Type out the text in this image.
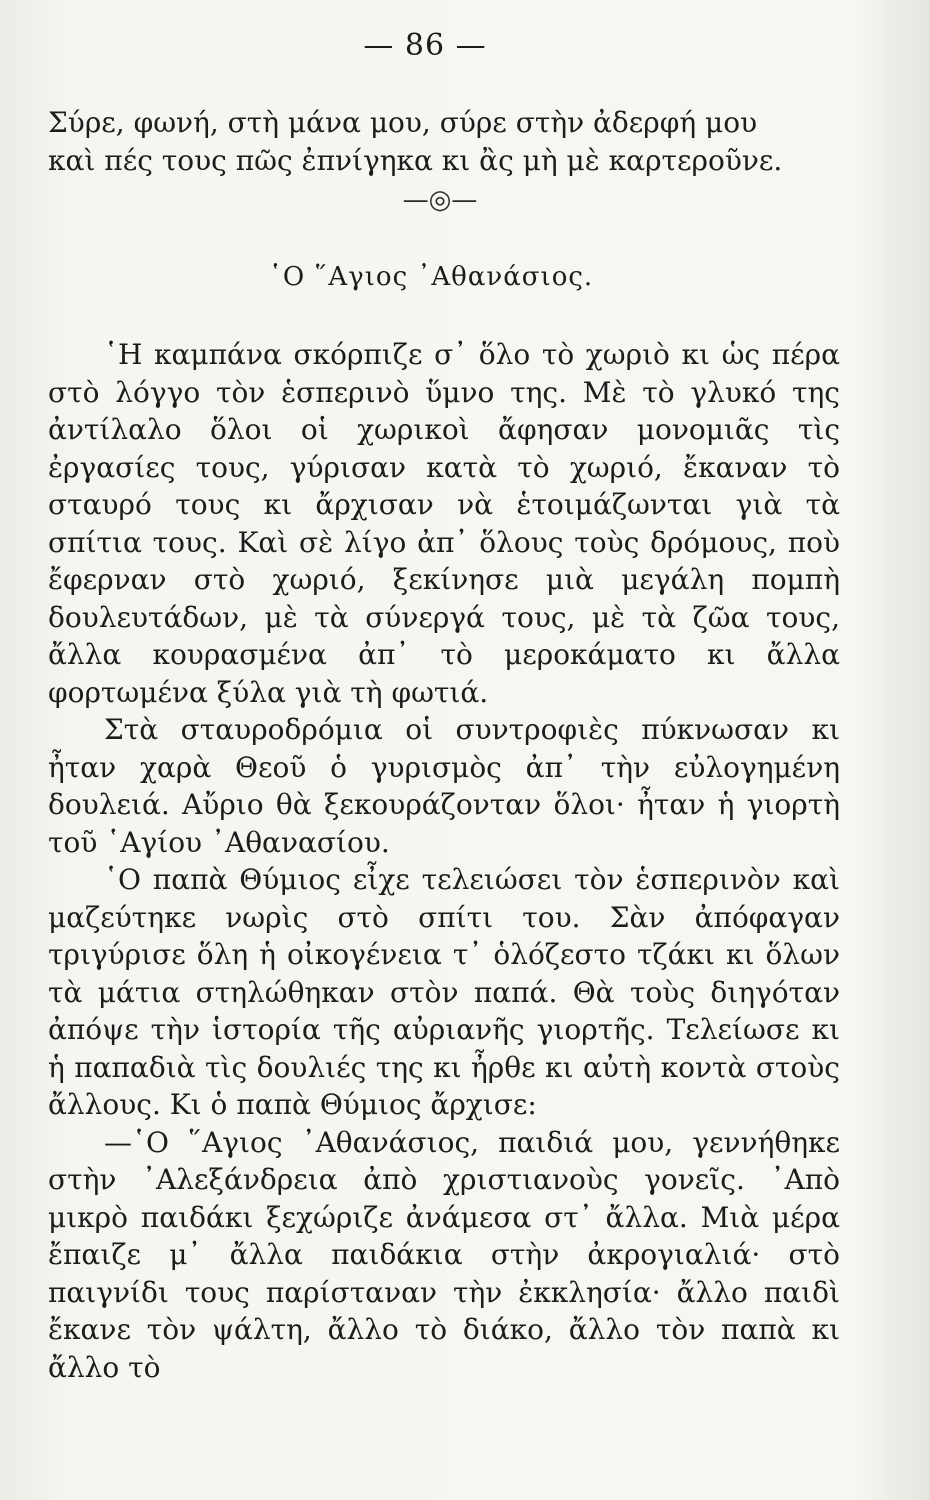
— 86 —
Σύρε, φωνή, στὴ μάνα μου, σύρε στὴν ἀδερφή μου
καὶ πές τους πῶς ἐπνίγηκα κι ἂς μὴ μὲ καρτεροῦνε.
—◎—
῾Ο ῞Αγιος ᾿Αθανάσιος.

῾Η καμπάνα σκόρπιζε σ᾿ ὅλο τὸ χωριὸ κι ὡς πέρα στὸ λόγγο τὸν ἑσπερινὸ ὕμνο της. Μὲ τὸ γλυκό της ἀντίλαλο ὅλοι οἱ χωρικοὶ ἄφησαν μονομιᾶς τὶς ἐργασίες τους, γύρισαν κατὰ τὸ χωριό, ἔκαναν τὸ σταυρό τους κι ἄρχισαν νὰ ἑτοιμάζωνται γιὰ τὰ σπίτια τους. Καὶ σὲ λίγο ἀπ᾿ ὅλους τοὺς δρόμους, ποὺ ἔφερναν στὸ χωριό, ξεκίνησε μιὰ μεγάλη πομπὴ δουλευτάδων, μὲ τὰ σύνεργά τους, μὲ τὰ ζῶα τους, ἄλλα κουρασμένα ἀπ᾿ τὸ μεροκάματο κι ἄλλα φορτωμένα ξύλα γιὰ τὴ φωτιά.

Στὰ σταυροδρόμια οἱ συντροφιὲς πύκνωσαν κι ἦταν χαρὰ Θεοῦ ὁ γυρισμὸς ἀπ᾿ τὴν εὐλογημένη δουλειά. Αὔριο θὰ ξεκουράζονταν ὅλοι· ἦταν ἡ γιορτὴ τοῦ ῾Αγίου ᾿Αθανασίου.

῾Ο παπὰ Θύμιος εἶχε τελειώσει τὸν ἑσπερινὸν καὶ μαζεύτηκε νωρὶς στὸ σπίτι του. Σὰν ἀπόφαγαν τριγύρισε ὅλη ἡ οἰκογένεια τ᾿ ὁλόζεστο τζάκι κι ὅλων τὰ μάτια στηλώθηκαν στὸν παπά. Θὰ τοὺς διηγόταν ἀπόψε τὴν ἱστορία τῆς αὐριανῆς γιορτῆς. Τελείωσε κι ἡ παπαδιὰ τὶς δουλιές της κι ἦρθε κι αὐτὴ κοντὰ στοὺς ἄλλους. Κι ὁ παπὰ Θύμιος ἄρχισε:

—῾Ο ῞Αγιος ᾿Αθανάσιος, παιδιά μου, γεννήθηκε στὴν ᾿Αλεξάνδρεια ἀπὸ χριστιανοὺς γονεῖς. ᾿Απὸ μικρὸ παιδάκι ξεχώριζε ἀνάμεσα στ᾿ ἄλλα. Μιὰ μέρα ἔπαιζε μ᾿ ἄλλα παιδάκια στὴν ἀκρογιαλιά· στὸ παιγνίδι τους παρίσταναν τὴν ἐκκλησία· ἄλλο παιδὶ ἔκανε τὸν ψάλτη, ἄλλο τὸ διάκο, ἄλλο τὸν παπὰ κι ἄλλο τὸ
